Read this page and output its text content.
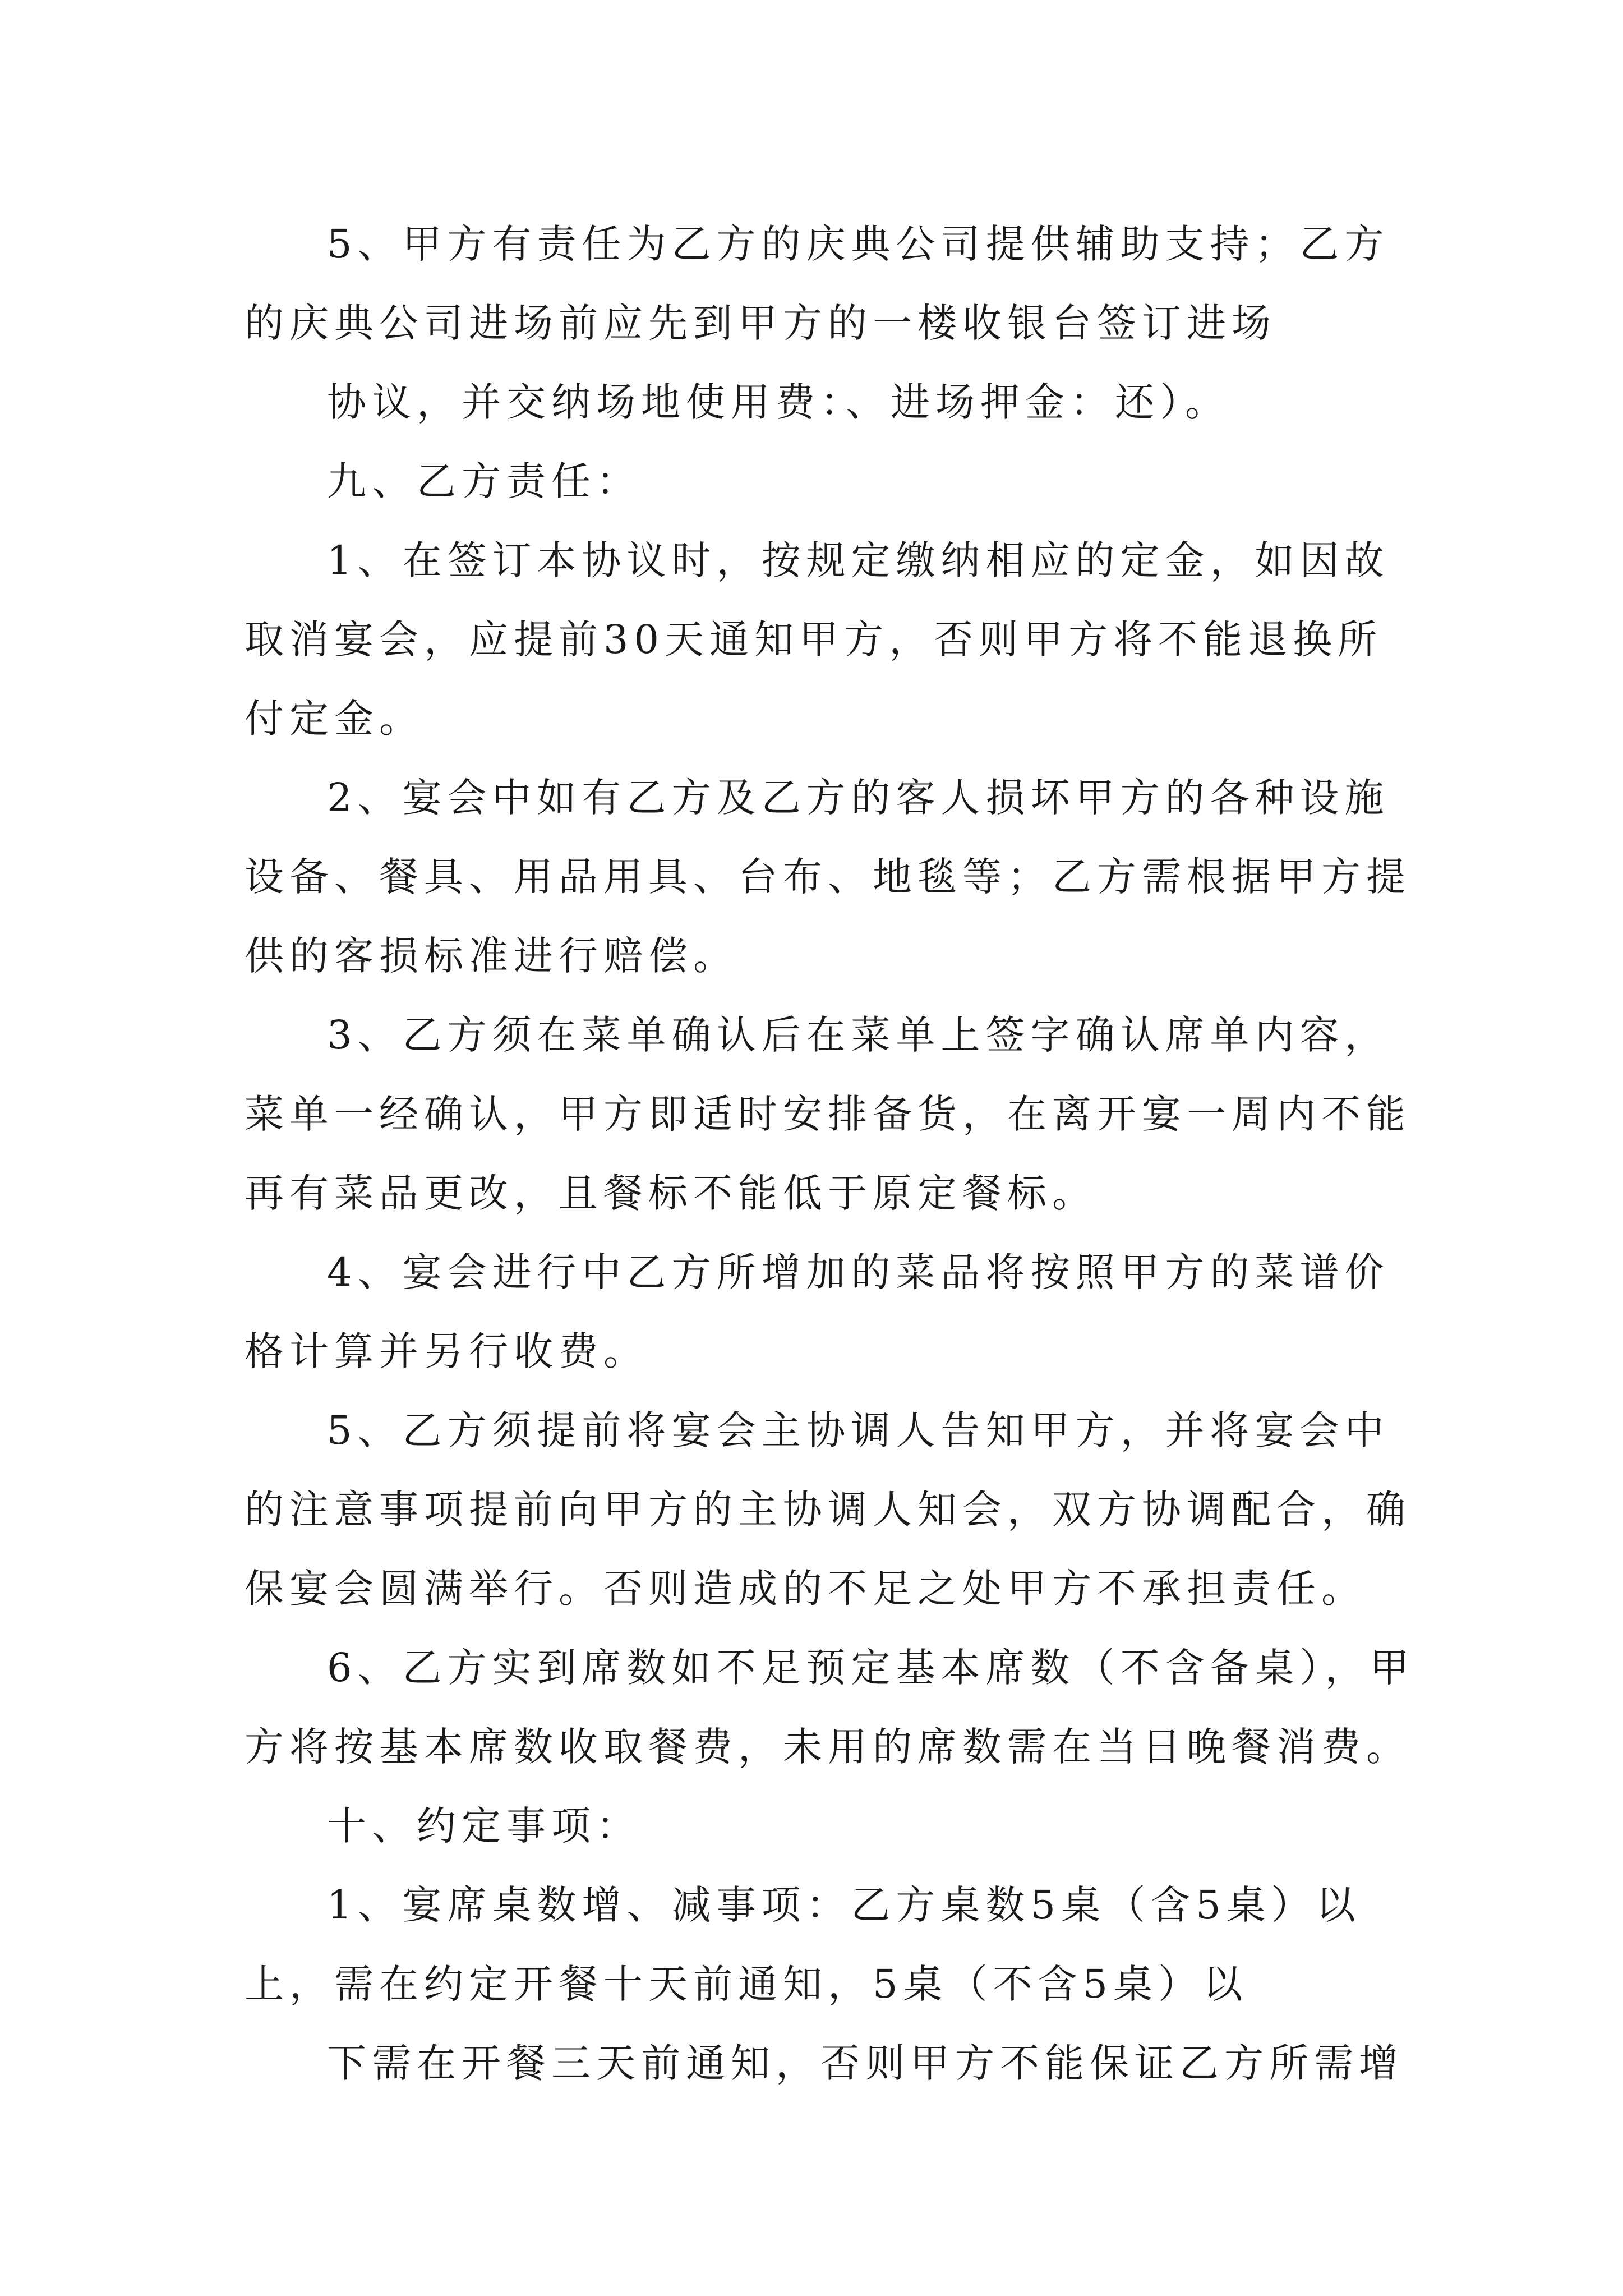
5、甲方有责任为乙方的庆典公司提供辅助支持；乙方
的庆典公司进场前应先到甲方的一楼收银台签订进场
协议，并交纳场地使用费：、进场押金：还）。
九、乙方责任：
1、在签订本协议时，按规定缴纳相应的定金，如因故
取消宴会，应提前30天通知甲方，否则甲方将不能退换所
付定金。
2、宴会中如有乙方及乙方的客人损坏甲方的各种设施
设备、餐具、用品用具、台布、地毯等；乙方需根据甲方提
供的客损标准进行赔偿。
3、乙方须在菜单确认后在菜单上签字确认席单内容，
菜单一经确认，甲方即适时安排备货，在离开宴一周内不能
再有菜品更改，且餐标不能低于原定餐标。
4、宴会进行中乙方所增加的菜品将按照甲方的菜谱价
格计算并另行收费。
5、乙方须提前将宴会主协调人告知甲方，并将宴会中
的注意事项提前向甲方的主协调人知会，双方协调配合，确
保宴会圆满举行。否则造成的不足之处甲方不承担责任。
6、乙方实到席数如不足预定基本席数（不含备桌），甲
方将按基本席数收取餐费，未用的席数需在当日晚餐消费。
十、约定事项：
1、宴席桌数增、减事项：乙方桌数5桌（含5桌）以
上，需在约定开餐十天前通知，5桌（不含5桌）以
下需在开餐三天前通知，否则甲方不能保证乙方所需增
